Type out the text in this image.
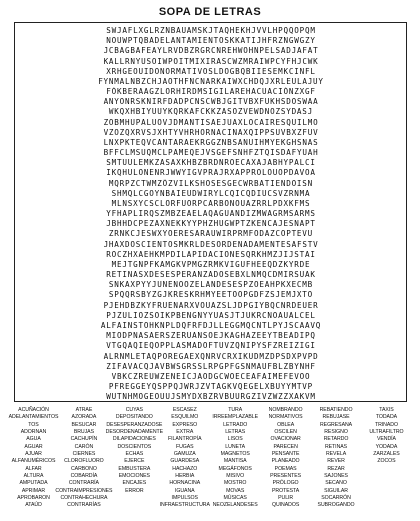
SOPA DE LETRAS
SWJAFLXGLRZNBAUAMSKJTAQHEKHJVVLHPQQOPQM
NOUWPTQBADELANTAMIENTOSKKATIJHFRZNGWGZY
JCBAGBAFEAYLRVDBZRGRCNREHWOHNPELSADJAFAT
KALLRNYUSOIWPOITMIXIRASCWZMRAIWPCYFHJCWK
XRHGEOUIDONORMATIVOSLDOGBQBIIESEMKCINFL
FYNMALNBZCHJAOTHFNCNARKAIWXCHDQJXRLEULAJUY
FÓKBERAAGZLORHIRDMSIGILAREHACUACIÓNZXGF
ANYONRSKNIRFDADPCNSCWBJGITVBXFUKHSDOSWAA
WKQXHBIYUUYKQRKAFCKKZASOZVEWDNOZSYDASJ
ZOBMHUPALUOVJDMANTISAEJUAXLOCAIRESQUILMO
VZOZQXRVSJXHTYVHRHORNACINAXQIPPSUVBXZFUV
LNXPKTEQVCANTARAEKRGGZNBSANUIHMYEKGHSNAS
BFFCLMSUQMCLPAMEQEJVSGEFSNHFZTQISDAFYUAH
SMTUULEMKZASAXKHBZBRDNROECAXAJABHYPALCI
IKQHULONENRJWWYIGVPRAJRXAPPROLOUOPDAVOA
MQRPZCTWMZÖZVILKSHOSESGECWRBATIENDOISN
SHMQLCGOYNBAIEUDWIRYLCQICQDIUCSVZRNMA
MLNSXYCSCLORFUORPCARBONOUAZRRLPDXKFMS
YFHAPLIRQSZMBZEAELAQAGUANDIZMWAGRMSARMS
JBHHDCPEZAXNEKKYYPHZHUGWPTZKENCAJESNAPT
ZRNKCJESWXYOERESARAUWIRPRMFODAZCOPTEVU
JHAXDOSCIENTOSMKRLDESORDENADAMENTESAFSTV
ROCZHXAEHKMPDILAPIDACIONESQRKHMZJIJSTAI
MEJTGNPFKAMGKVPMGZRMKVIGUFHEEQDZKYRDE
RETINASXDESESPERANZADOSEBXLNMQCDMIRSUAK
SNKAXPYYJUNENOOZELANDESESPZOEAHPKXECMB
SPQQRSBYZGJKRESKRHMYEETOOPGDFZSJEMJXTO
PJEHDBZKYFRUENARXVOUAZSLJDPGIYBQCNRDEUER
PJZULIOZSOIKPBENGNYYUASJTJUKRCNOAUALCEL
ALFAINSTOHKNPLDQFRFDJLLEGGMQCNTLPYJSCAAVQ
MIODPNASAERSZERUANSOEJKAGHAZEEYTBEADIPQ
VTGQAQIEQOPPLASMADOFTUVZQNIPYSFZREIZIGI
ALRNMLETAQPOREGAEXQNRVCRXIKUDMZDPSDXPVPD
ZIFAVACQJAVBWSGRSSLRPGPFGSNMAUFBLZBYNHF
VBKCZREUWZENEICJAODGCWOECEAFAIMEFEVOO
PFREGGEYQSPPQJWRJZVTAGKVQEGELXBUYYMTVP
WUTNHMOGEOUUJSMYDXBZRVBUURGZIVZWZZXAKVM
ACUÑACIÓN
ADELANTAMIENTOS
TOS
ADORNAN
AGUA
AGUAR
AJUAR
ALFANUMÉRICOS
ALFAR
ALTURA
AMPUTADA
APRIMAR
APROBARON
ATAÚD
ATRAE
AZORADA
BESUCAR
BRUJAS
CACHUPÍN
CARÓN
CIERNES
CLOROFLUORO
CARBONO
COBARDÍA
CONTRARÍA
CONTRAIMPRESIONES
CONTRAHECHURA
CONTRARÍAS
CUYAS
DEPOSITANDO
DESESPERANZADOSE
DESORDENADAMENTE
DILAPIDACIONES
DOSCIENTOS
ECHAS
EJERCE
EMBUSTERA
EMOCIONES
ENCAJES
ERROR
ESCASEZ
ESQUILMO
EXPRESO
EXTRA
FILANTROPÍA
FUGAS
GAMUZA
GUARDESA
HACHAZO
HERBIA
HORNACINA
IGUANA
IMPULSOS
INFRAESTRUCTURA
TURA
IRREEMPLAZABLE
LETRADO
LETRAS
LISOS
LUNETA
MAGNETOS
MANTISA
MEGÁFONOS
MISIVO
MOSTRO
MOVAS
MÚSICAS
NEOZELANDESES
NOMBRANDO
NORMATIVOS
OBLEA
OSCILEN
OVACIONAR
PARECEN
PENSANTE
PLANEADO
POEMAS
PRESENTES
PRÓLOGO
PROTESTA
PULIR
QUINADOS
REBATIENDO
REBUJASE
REGRESANA
RESIGNO
RETARDO
RETINAS
REVELA
REVER
REZAR
SAJONES
SECANO
SIGUILAR
SOCARRÓN
SUBROGANDO
TAXIS
TODADA
TRINADO
ULTRAFILTRO
VENDÍA
YODADA
ZARZALES
ZOCOS
